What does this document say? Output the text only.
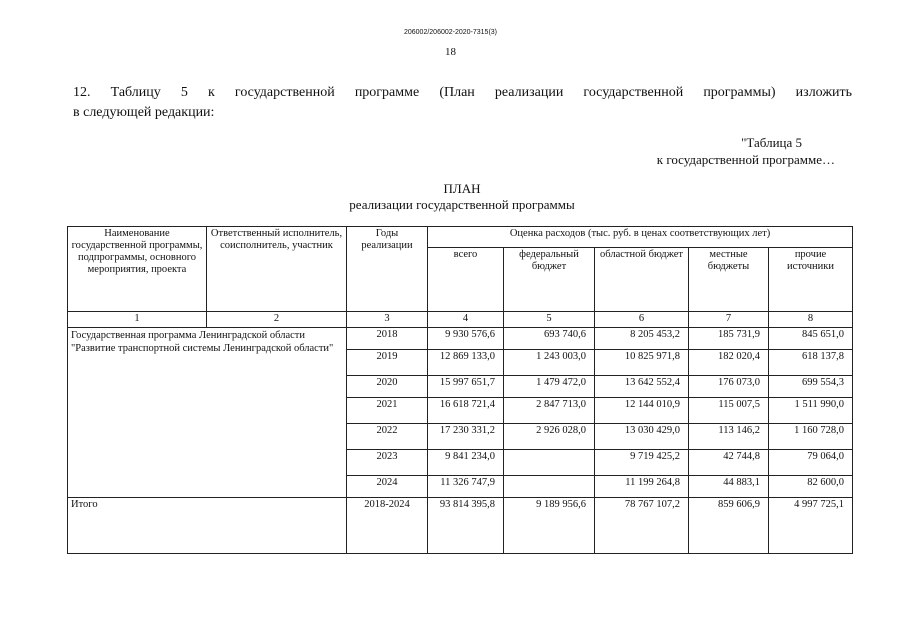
206002/206002-2020-7315(3)
18
12. Таблицу 5 к государственной программе (План реализации государственной программы) изложить
в следующей редакции:
"Таблица 5
к государственной программе…
ПЛАН
реализации государственной программы
Наименование государственной программы, подпрограммы, основного мероприятия, проекта	Ответственный исполнитель, соисполнитель, участник	Годы реализации	Оценка расходов (тыс. руб. в ценах соответствующих лет)				
			всего	федеральный бюджет	областной бюджет	местные бюджеты	прочие источники
1	2	3	4	5	6	7	8
Государственная программа Ленинградской области "Развитие транспортной системы Ленинградской области"		2018	9 930 576,6	693 740,6	8 205 453,2	185 731,9	845 651,0
		2019	12 869 133,0	1 243 003,0	10 825 971,8	182 020,4	618 137,8
		2020	15 997 651,7	1 479 472,0	13 642 552,4	176 073,0	699 554,3
		2021	16 618 721,4	2 847 713,0	12 144 010,9	115 007,5	1 511 990,0
		2022	17 230 331,2	2 926 028,0	13 030 429,0	113 146,2	1 160 728,0
		2023	9 841 234,0		9 719 425,2	42 744,8	79 064,0
		2024	11 326 747,9		11 199 264,8	44 883,1	82 600,0
Итого		2018-2024	93 814 395,8	9 189 956,6	78 767 107,2	859 606,9	4 997 725,1
